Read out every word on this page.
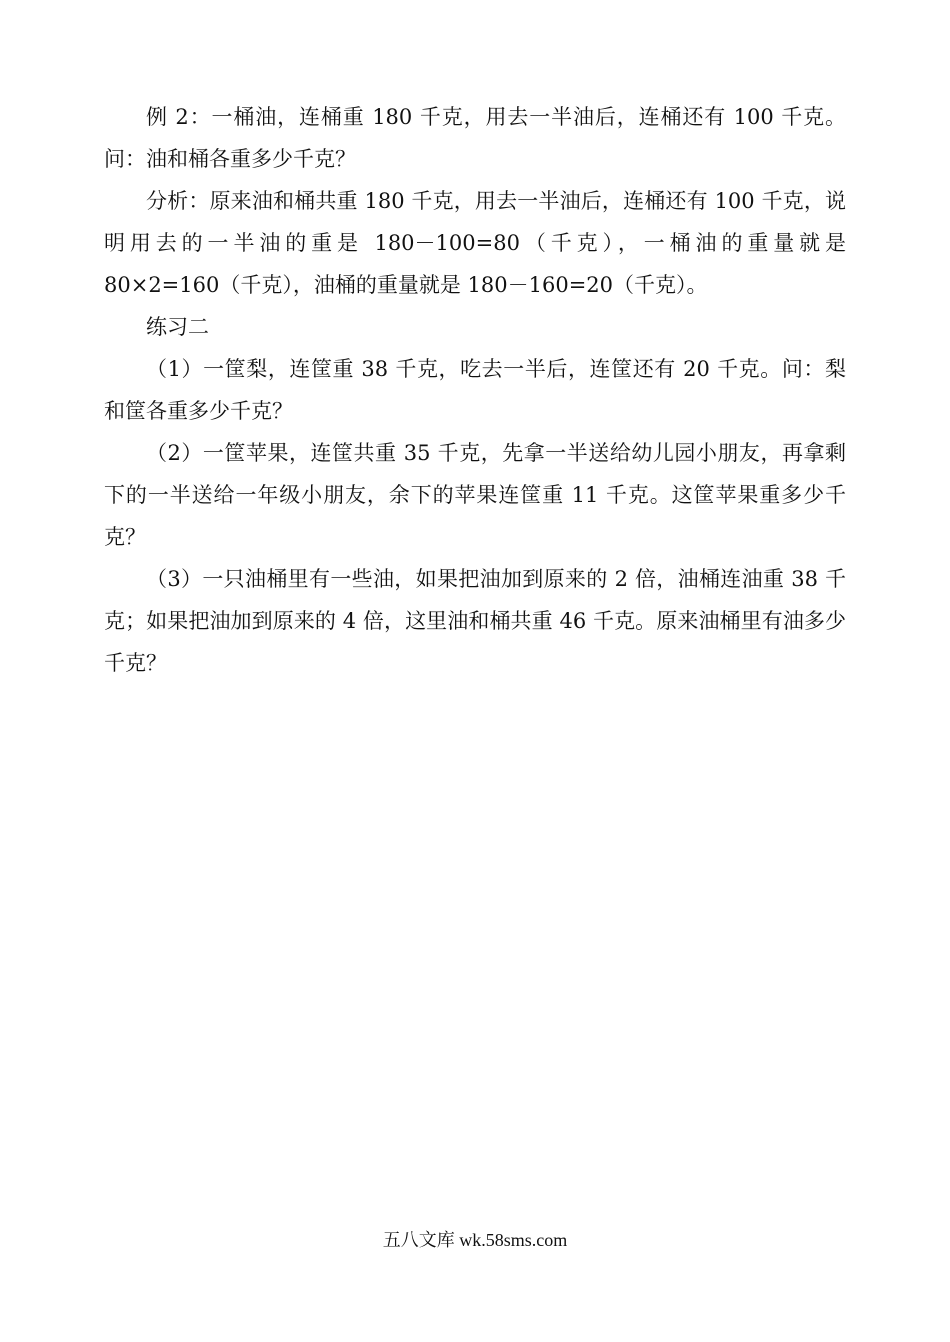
例 2：一桶油，连桶重 180 千克，用去一半油后，连桶还有 100 千克。问：油和桶各重多少千克？

分析：原来油和桶共重 180 千克，用去一半油后，连桶还有 100 千克，说明用去的一半油的重是 180－100=80（千克），一桶油的重量就是 80×2=160（千克），油桶的重量就是 180－160=20（千克）。

练习二

（1）一筐梨，连筐重 38 千克，吃去一半后，连筐还有 20 千克。问：梨和筐各重多少千克？

（2）一筐苹果，连筐共重 35 千克，先拿一半送给幼儿园小朋友，再拿剩下的一半送给一年级小朋友，余下的苹果连筐重 11 千克。这筐苹果重多少千克？

（3）一只油桶里有一些油，如果把油加到原来的 2 倍，油桶连油重 38 千克；如果把油加到原来的 4 倍，这里油和桶共重 46 千克。原来油桶里有油多少千克？

五八文库 wk.58sms.com
